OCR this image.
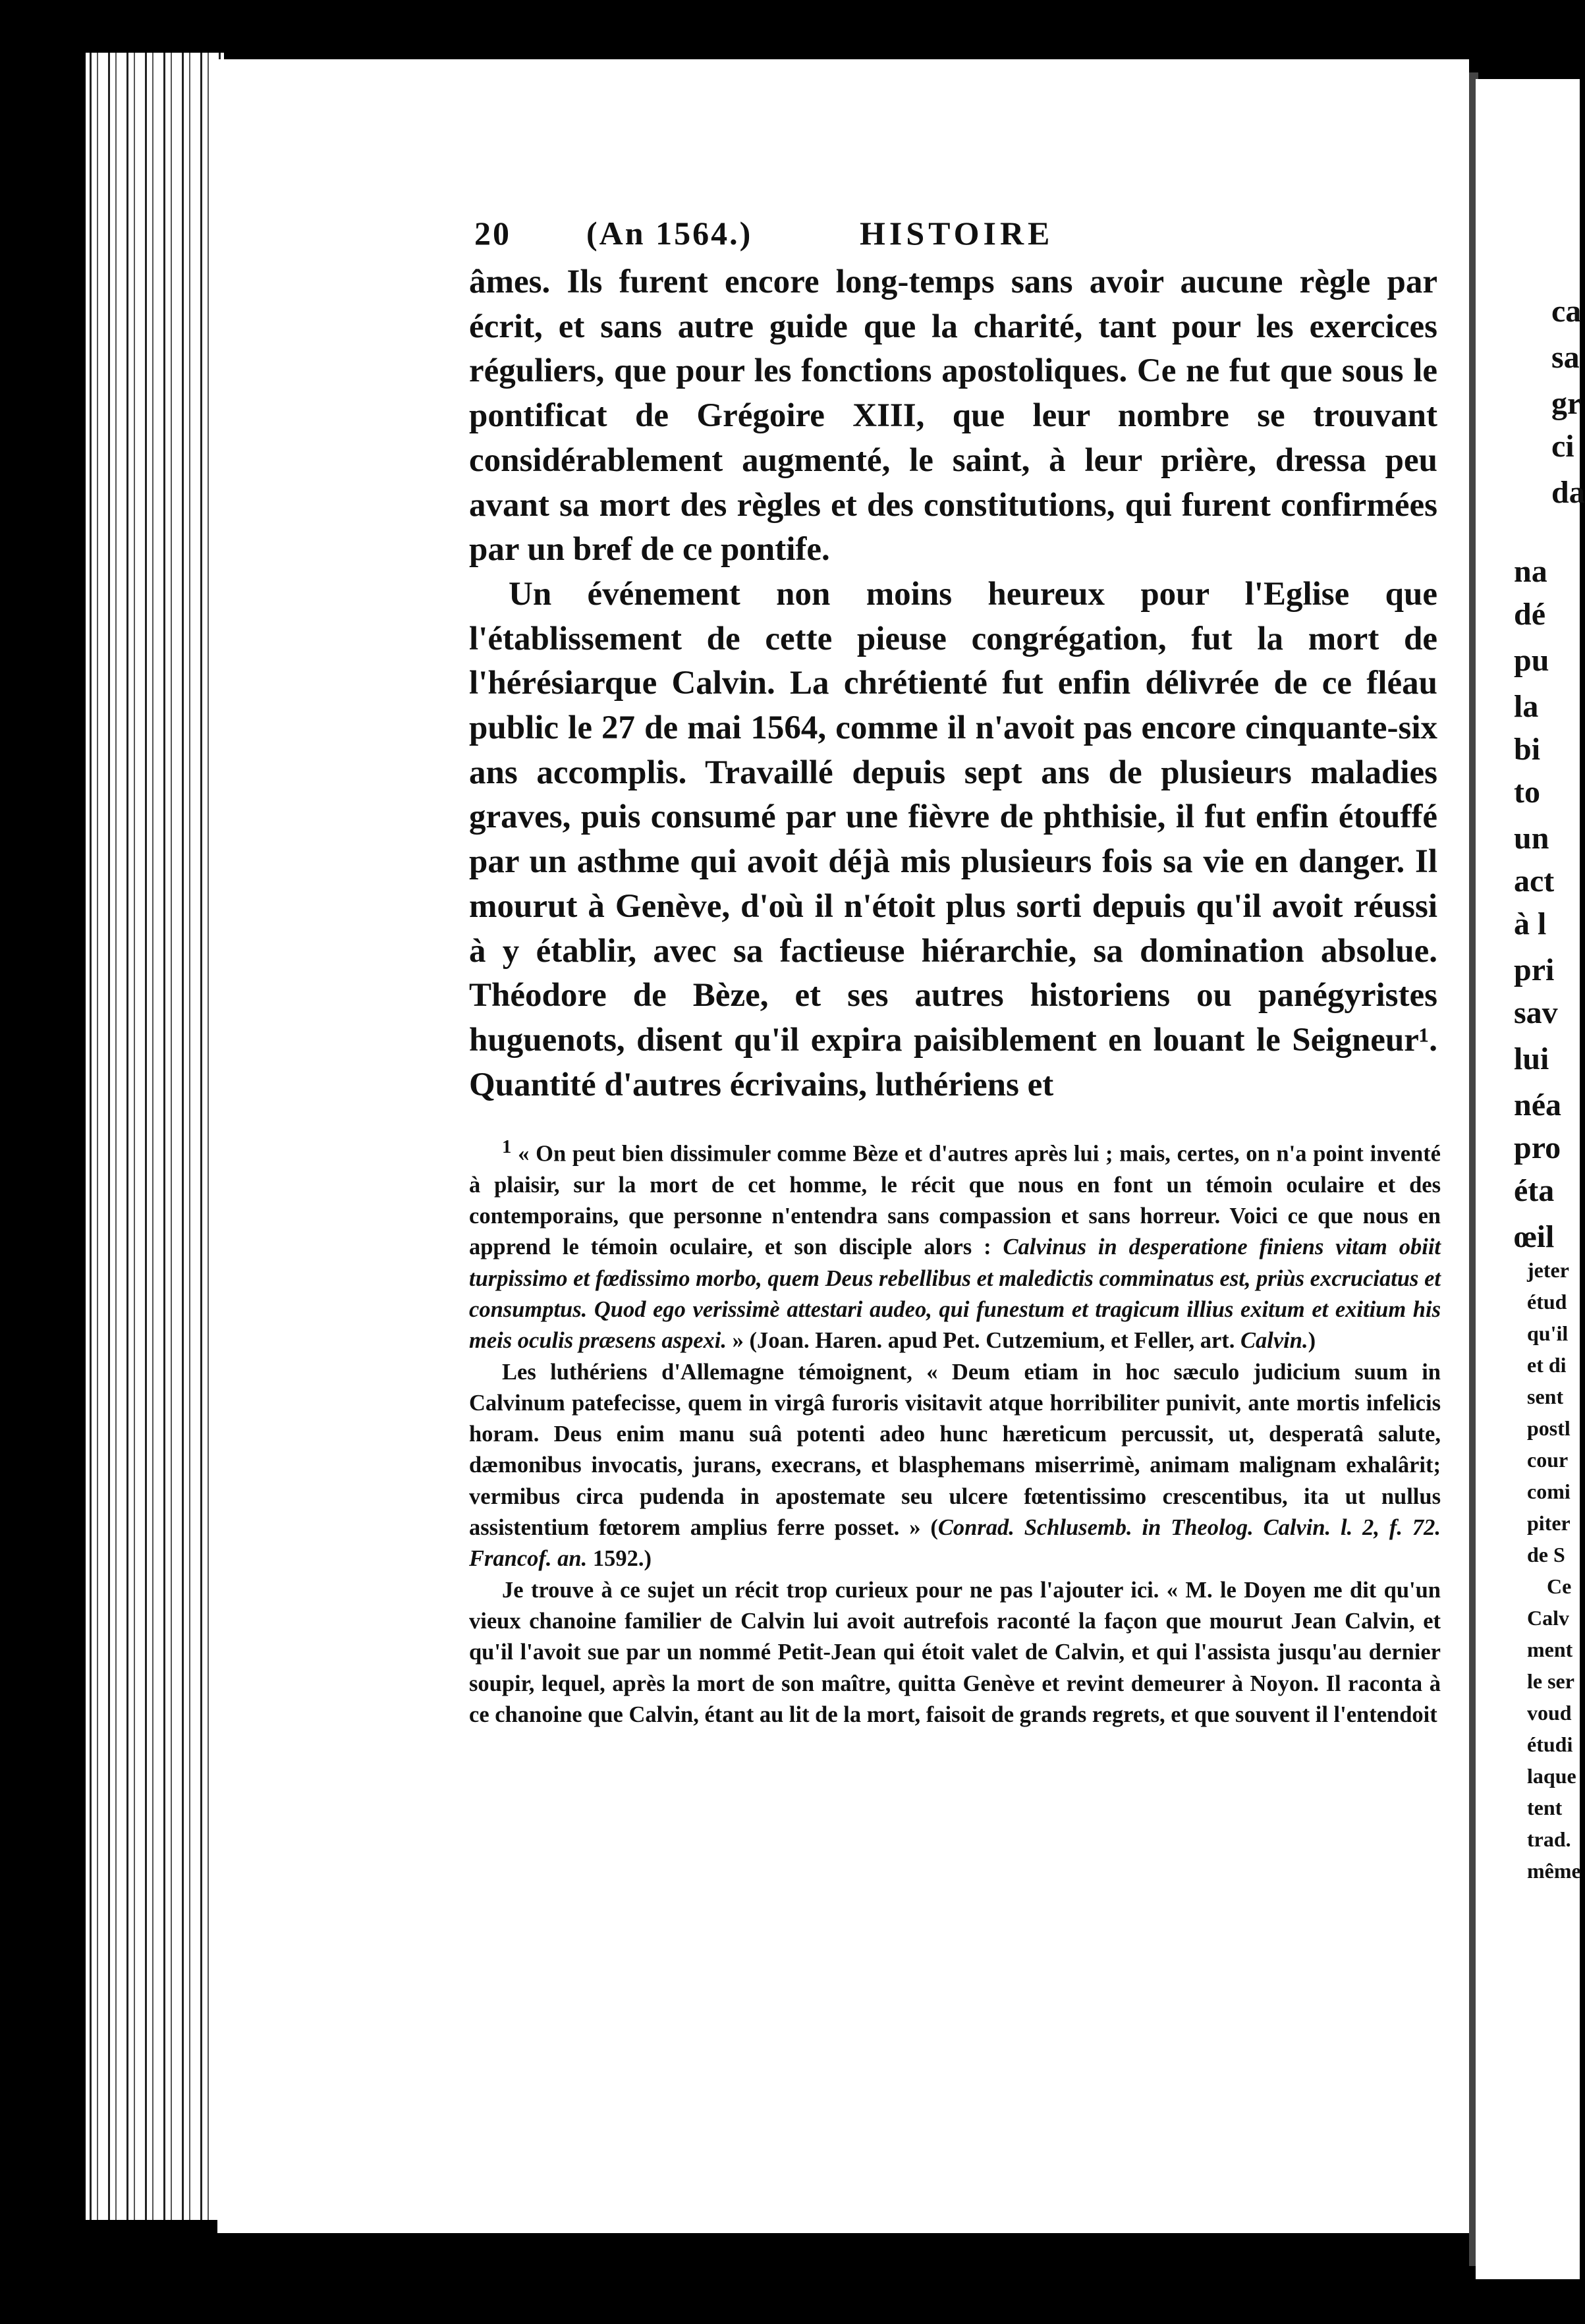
20 (An 1564.)	HISTOIRE

âmes. Ils furent encore long-temps sans avoir aucune règle par écrit, et sans autre guide que la charité, tant pour les exercices réguliers, que pour les fonctions apostoliques. Ce ne fut que sous le pontificat de Grégoire XIII, que leur nombre se trouvant considérablement augmenté, le saint, à leur prière, dressa peu avant sa mort des règles et des constitutions, qui furent confirmées par un bref de ce pontife.

Un événement non moins heureux pour l'Eglise que l'établissement de cette pieuse congrégation, fut la mort de l'hérésiarque Calvin. La chrétienté fut enfin délivrée de ce fléau public le 27 de mai 1564, comme il n'avoit pas encore cinquante-six ans accomplis. Travaillé depuis sept ans de plusieurs maladies graves, puis consumé par une fièvre de phthisie, il fut enfin étouffé par un asthme qui avoit déjà mis plusieurs fois sa vie en danger. Il mourut à Genève, d'où il n'étoit plus sorti depuis qu'il avoit réussi à y établir, avec sa factieuse hiérarchie, sa domination absolue. Théodore de Bèze, et ses autres historiens ou panégyristes huguenots, disent qu'il expira paisiblement en louant le Seigneur¹. Quantité d'autres écrivains, luthériens et

$^1$ « On peut bien dissimuler comme Bèze et d'autres après lui ; mais, certes, on n'a point inventé à plaisir, sur la mort de cet homme, le récit que nous en font un témoin oculaire et des contemporains, que personne n'entendra sans compassion et sans horreur. Voici ce que nous en apprend le témoin oculaire, et son disciple alors : Calvinus in desperatione finiens vitam obiit turpissimo et fœdissimo morbo, quem Deus rebellibus et maledictis comminatus est, priùs excruciatus et consumptus. Quod ego verissimè attestari audeo, qui funestum et tragicum illius exitum et exitium his meis oculis præsens aspexi. » (Joan. Haren. apud Pet. Cutzemium, et Feller, art. Calvin.)

Les luthériens d'Allemagne témoignent, « Deum etiam in hoc sæculo judicium suum in Calvinum patefecisse, quem in virgâ furoris visitavit atque horribiliter punivit, ante mortis infelicis horam. Deus enim manu suâ potenti adeo hunc hæreticum percussit, ut, desperatâ salute, dæmonibus invocatis, jurans, execrans, et blasphemans miserrimè, animam malignam exhalârit; vermibus circa pudenda in apostemate seu ulcere fœtentissimo crescentibus, ita ut nullus assistentium fœtorem amplius ferre posset. » (Conrad. Schlusemb. in Theolog. Calvin. l. 2, f. 72. Francof. an. 1592.)

Je trouve à ce sujet un récit trop curieux pour ne pas l'ajouter ici. « M. le Doyen me dit qu'un vieux chanoine familier de Calvin lui avoit autrefois raconté la façon que mourut Jean Calvin, et qu'il l'avoit sue par un nommé Petit-Jean qui étoit valet de Calvin, et qui l'assista jusqu'au dernier soupir, lequel, après la mort de son maître, quitta Genève et revint demeurer à Noyon. Il raconta à ce chanoine que Calvin, étant au lit de la mort, faisoit de grands regrets, et que souvent il l'entendoit

ca
sa
gr
ci
da
na
dé
pu
la
bi
to
un
act
à l
pri
sav
lui
néa
pro
éta
œil
jeter
étud
qu'il
et di
sent
postl
cour
comi
piter
de S
Ce
Calv
ment
le ser
voud
étudi
laque
tent
trad.
même
